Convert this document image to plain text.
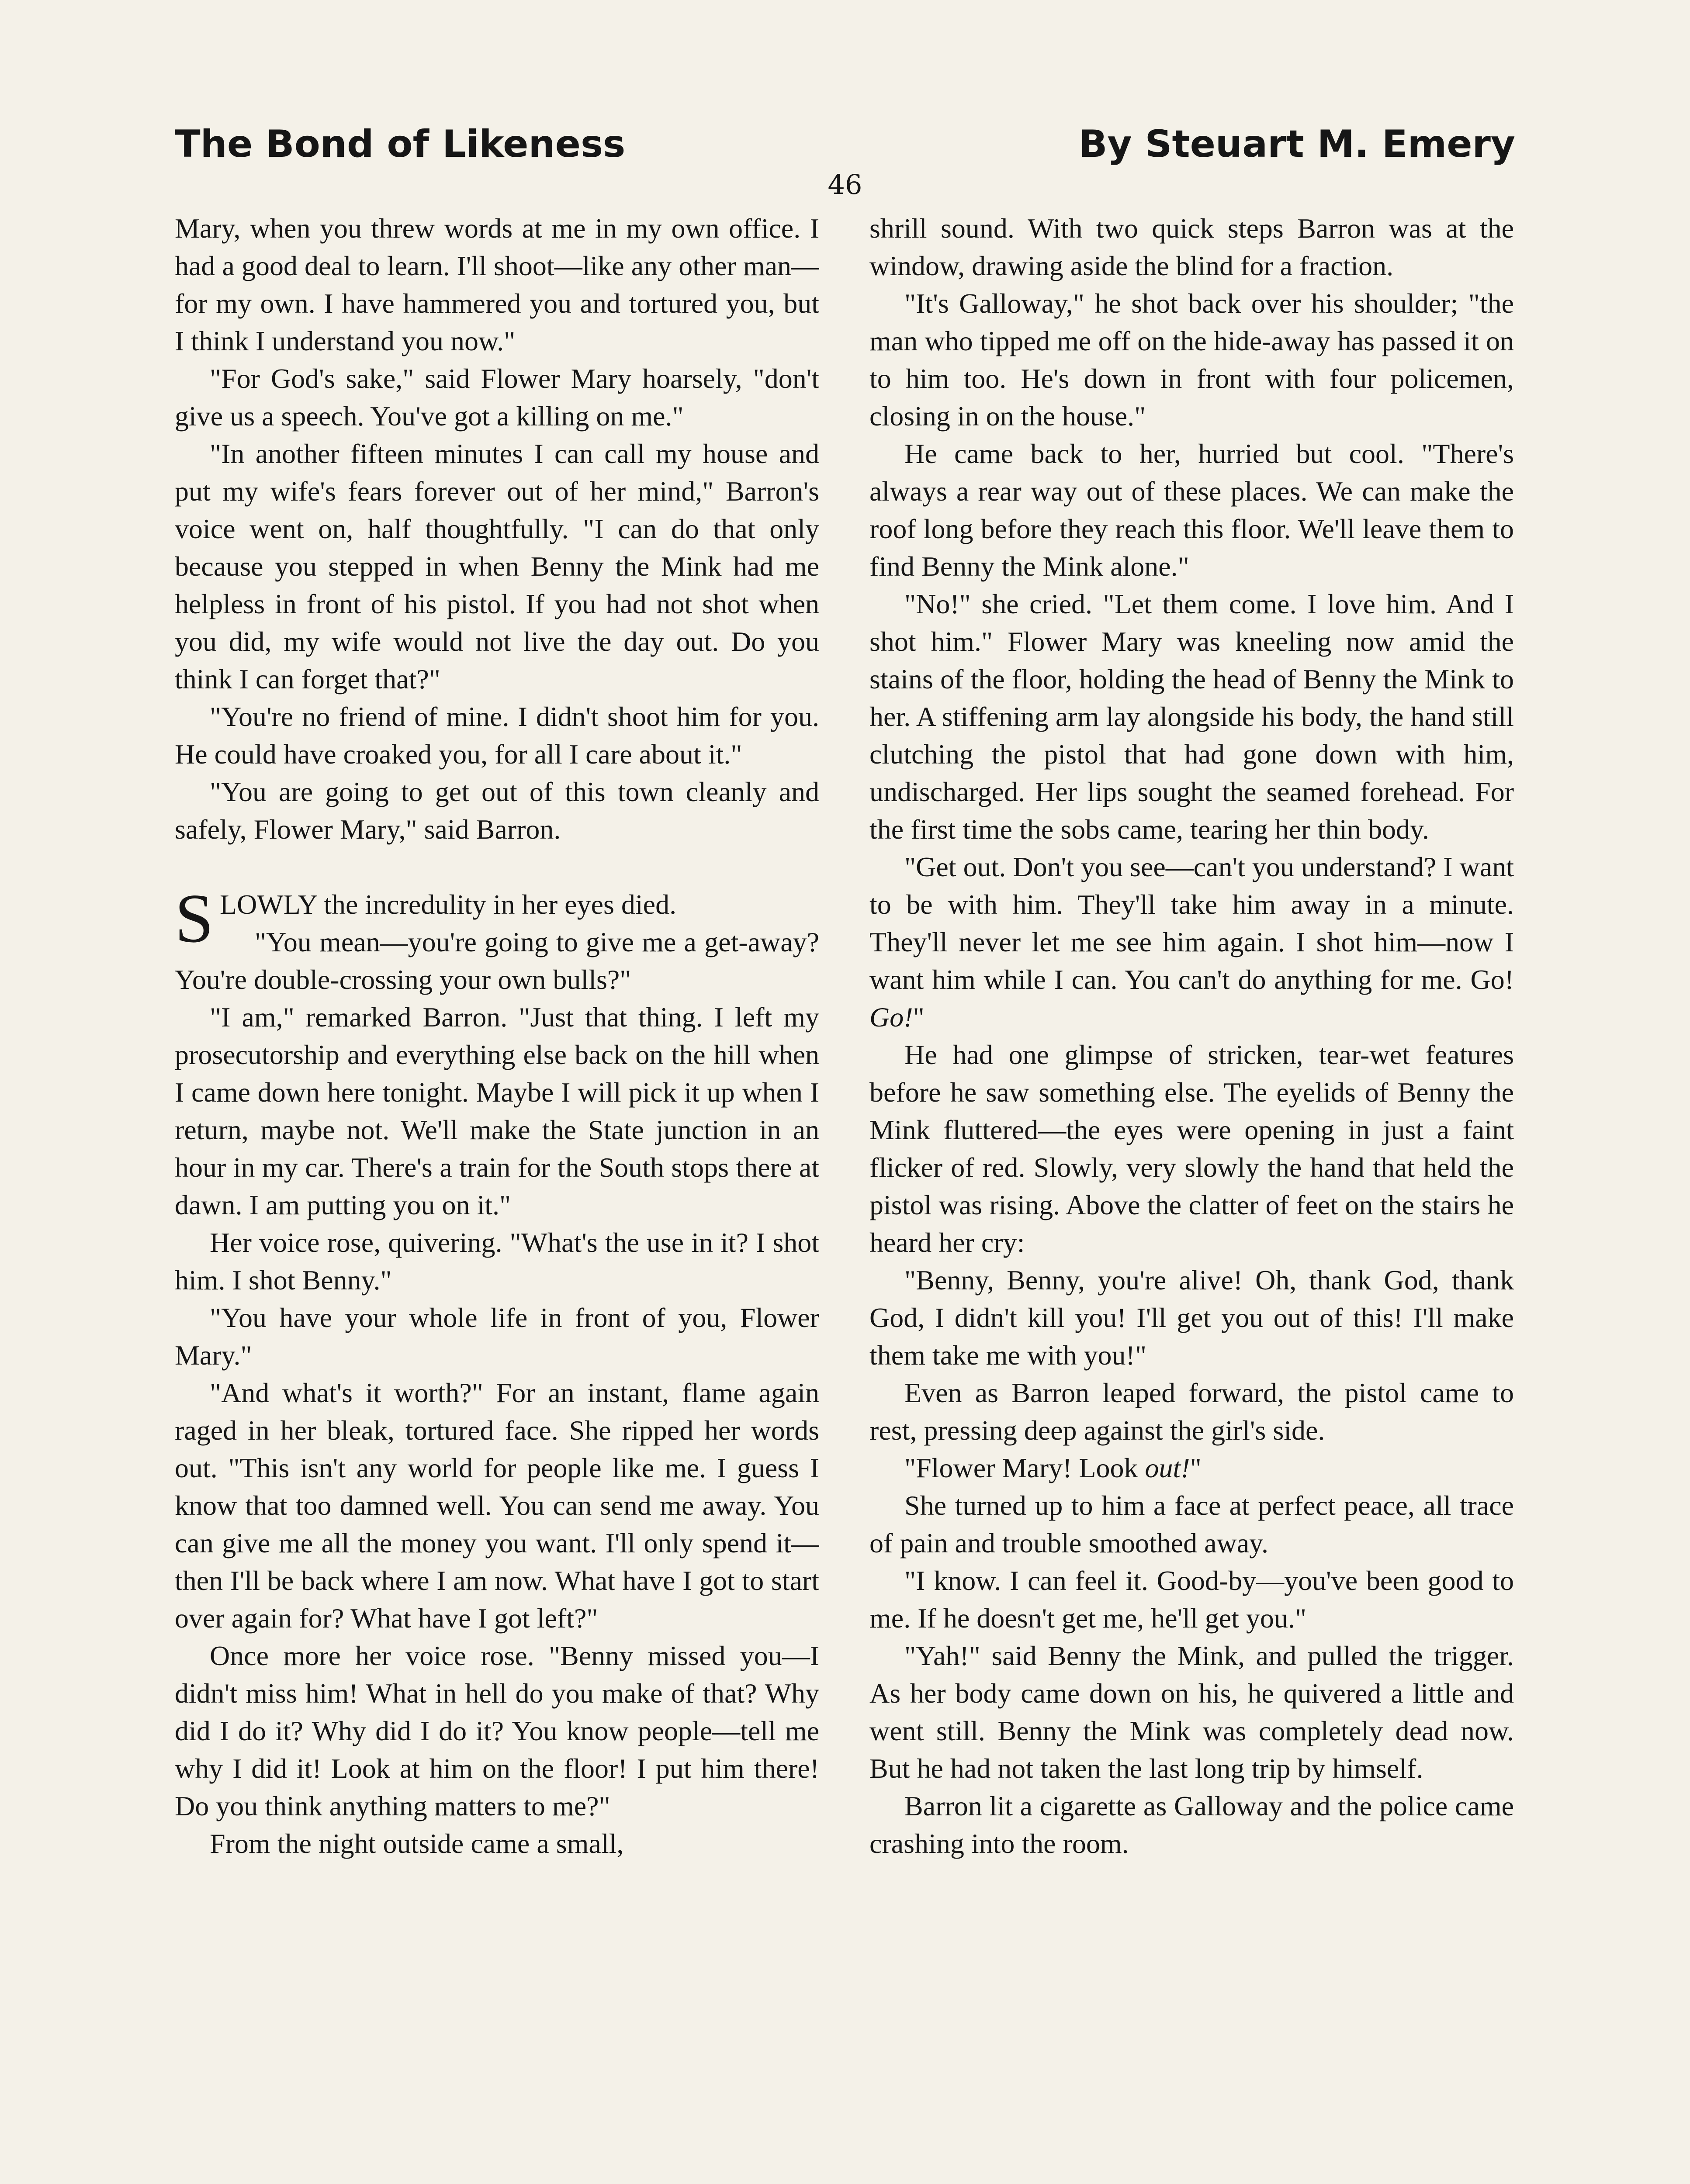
The Bond of Likeness	By Steuart M. Emery
46

Mary, when you threw words at me in my own office. I had a good deal to learn. I'll shoot—like any other man—for my own. I have hammered you and tortured you, but I think I understand you now."

"For God's sake," said Flower Mary hoarsely, "don't give us a speech. You've got a killing on me."

"In another fifteen minutes I can call my house and put my wife's fears forever out of her mind," Barron's voice went on, half thoughtfully. "I can do that only because you stepped in when Benny the Mink had me helpless in front of his pistol. If you had not shot when you did, my wife would not live the day out. Do you think I can forget that?"

"You're no friend of mine. I didn't shoot him for you. He could have croaked you, for all I care about it."

"You are going to get out of this town cleanly and safely, Flower Mary," said Barron.

SLOWLY the incredulity in her eyes died.

"You mean—you're going to give me a get-away? You're double-crossing your own bulls?"

"I am," remarked Barron. "Just that thing. I left my prosecutorship and everything else back on the hill when I came down here tonight. Maybe I will pick it up when I return, maybe not. We'll make the State junction in an hour in my car. There's a train for the South stops there at dawn. I am putting you on it."

Her voice rose, quivering. "What's the use in it? I shot him. I shot Benny."

"You have your whole life in front of you, Flower Mary."

"And what's it worth?" For an instant, flame again raged in her bleak, tortured face. She ripped her words out. "This isn't any world for people like me. I guess I know that too damned well. You can send me away. You can give me all the money you want. I'll only spend it—then I'll be back where I am now. What have I got to start over again for? What have I got left?"

Once more her voice rose. "Benny missed you—I didn't miss him! What in hell do you make of that? Why did I do it? Why did I do it? You know people—tell me why I did it! Look at him on the floor! I put him there! Do you think anything matters to me?"

From the night outside came a small,

shrill sound. With two quick steps Barron was at the window, drawing aside the blind for a fraction.

"It's Galloway," he shot back over his shoulder; "the man who tipped me off on the hide-away has passed it on to him too. He's down in front with four policemen, closing in on the house."

He came back to her, hurried but cool. "There's always a rear way out of these places. We can make the roof long before they reach this floor. We'll leave them to find Benny the Mink alone."

"No!" she cried. "Let them come. I love him. And I shot him." Flower Mary was kneeling now amid the stains of the floor, holding the head of Benny the Mink to her. A stiffening arm lay alongside his body, the hand still clutching the pistol that had gone down with him, undischarged. Her lips sought the seamed forehead. For the first time the sobs came, tearing her thin body.

"Get out. Don't you see—can't you understand? I want to be with him. They'll take him away in a minute. They'll never let me see him again. I shot him—now I want him while I can. You can't do anything for me. Go! Go!"

He had one glimpse of stricken, tear-wet features before he saw something else. The eyelids of Benny the Mink fluttered—the eyes were opening in just a faint flicker of red. Slowly, very slowly the hand that held the pistol was rising. Above the clatter of feet on the stairs he heard her cry:

"Benny, Benny, you're alive! Oh, thank God, thank God, I didn't kill you! I'll get you out of this! I'll make them take me with you!"

Even as Barron leaped forward, the pistol came to rest, pressing deep against the girl's side.

"Flower Mary! Look out!"

She turned up to him a face at perfect peace, all trace of pain and trouble smoothed away.

"I know. I can feel it. Good-by—you've been good to me. If he doesn't get me, he'll get you."

"Yah!" said Benny the Mink, and pulled the trigger. As her body came down on his, he quivered a little and went still. Benny the Mink was completely dead now. But he had not taken the last long trip by himself.

Barron lit a cigarette as Galloway and the police came crashing into the room.
